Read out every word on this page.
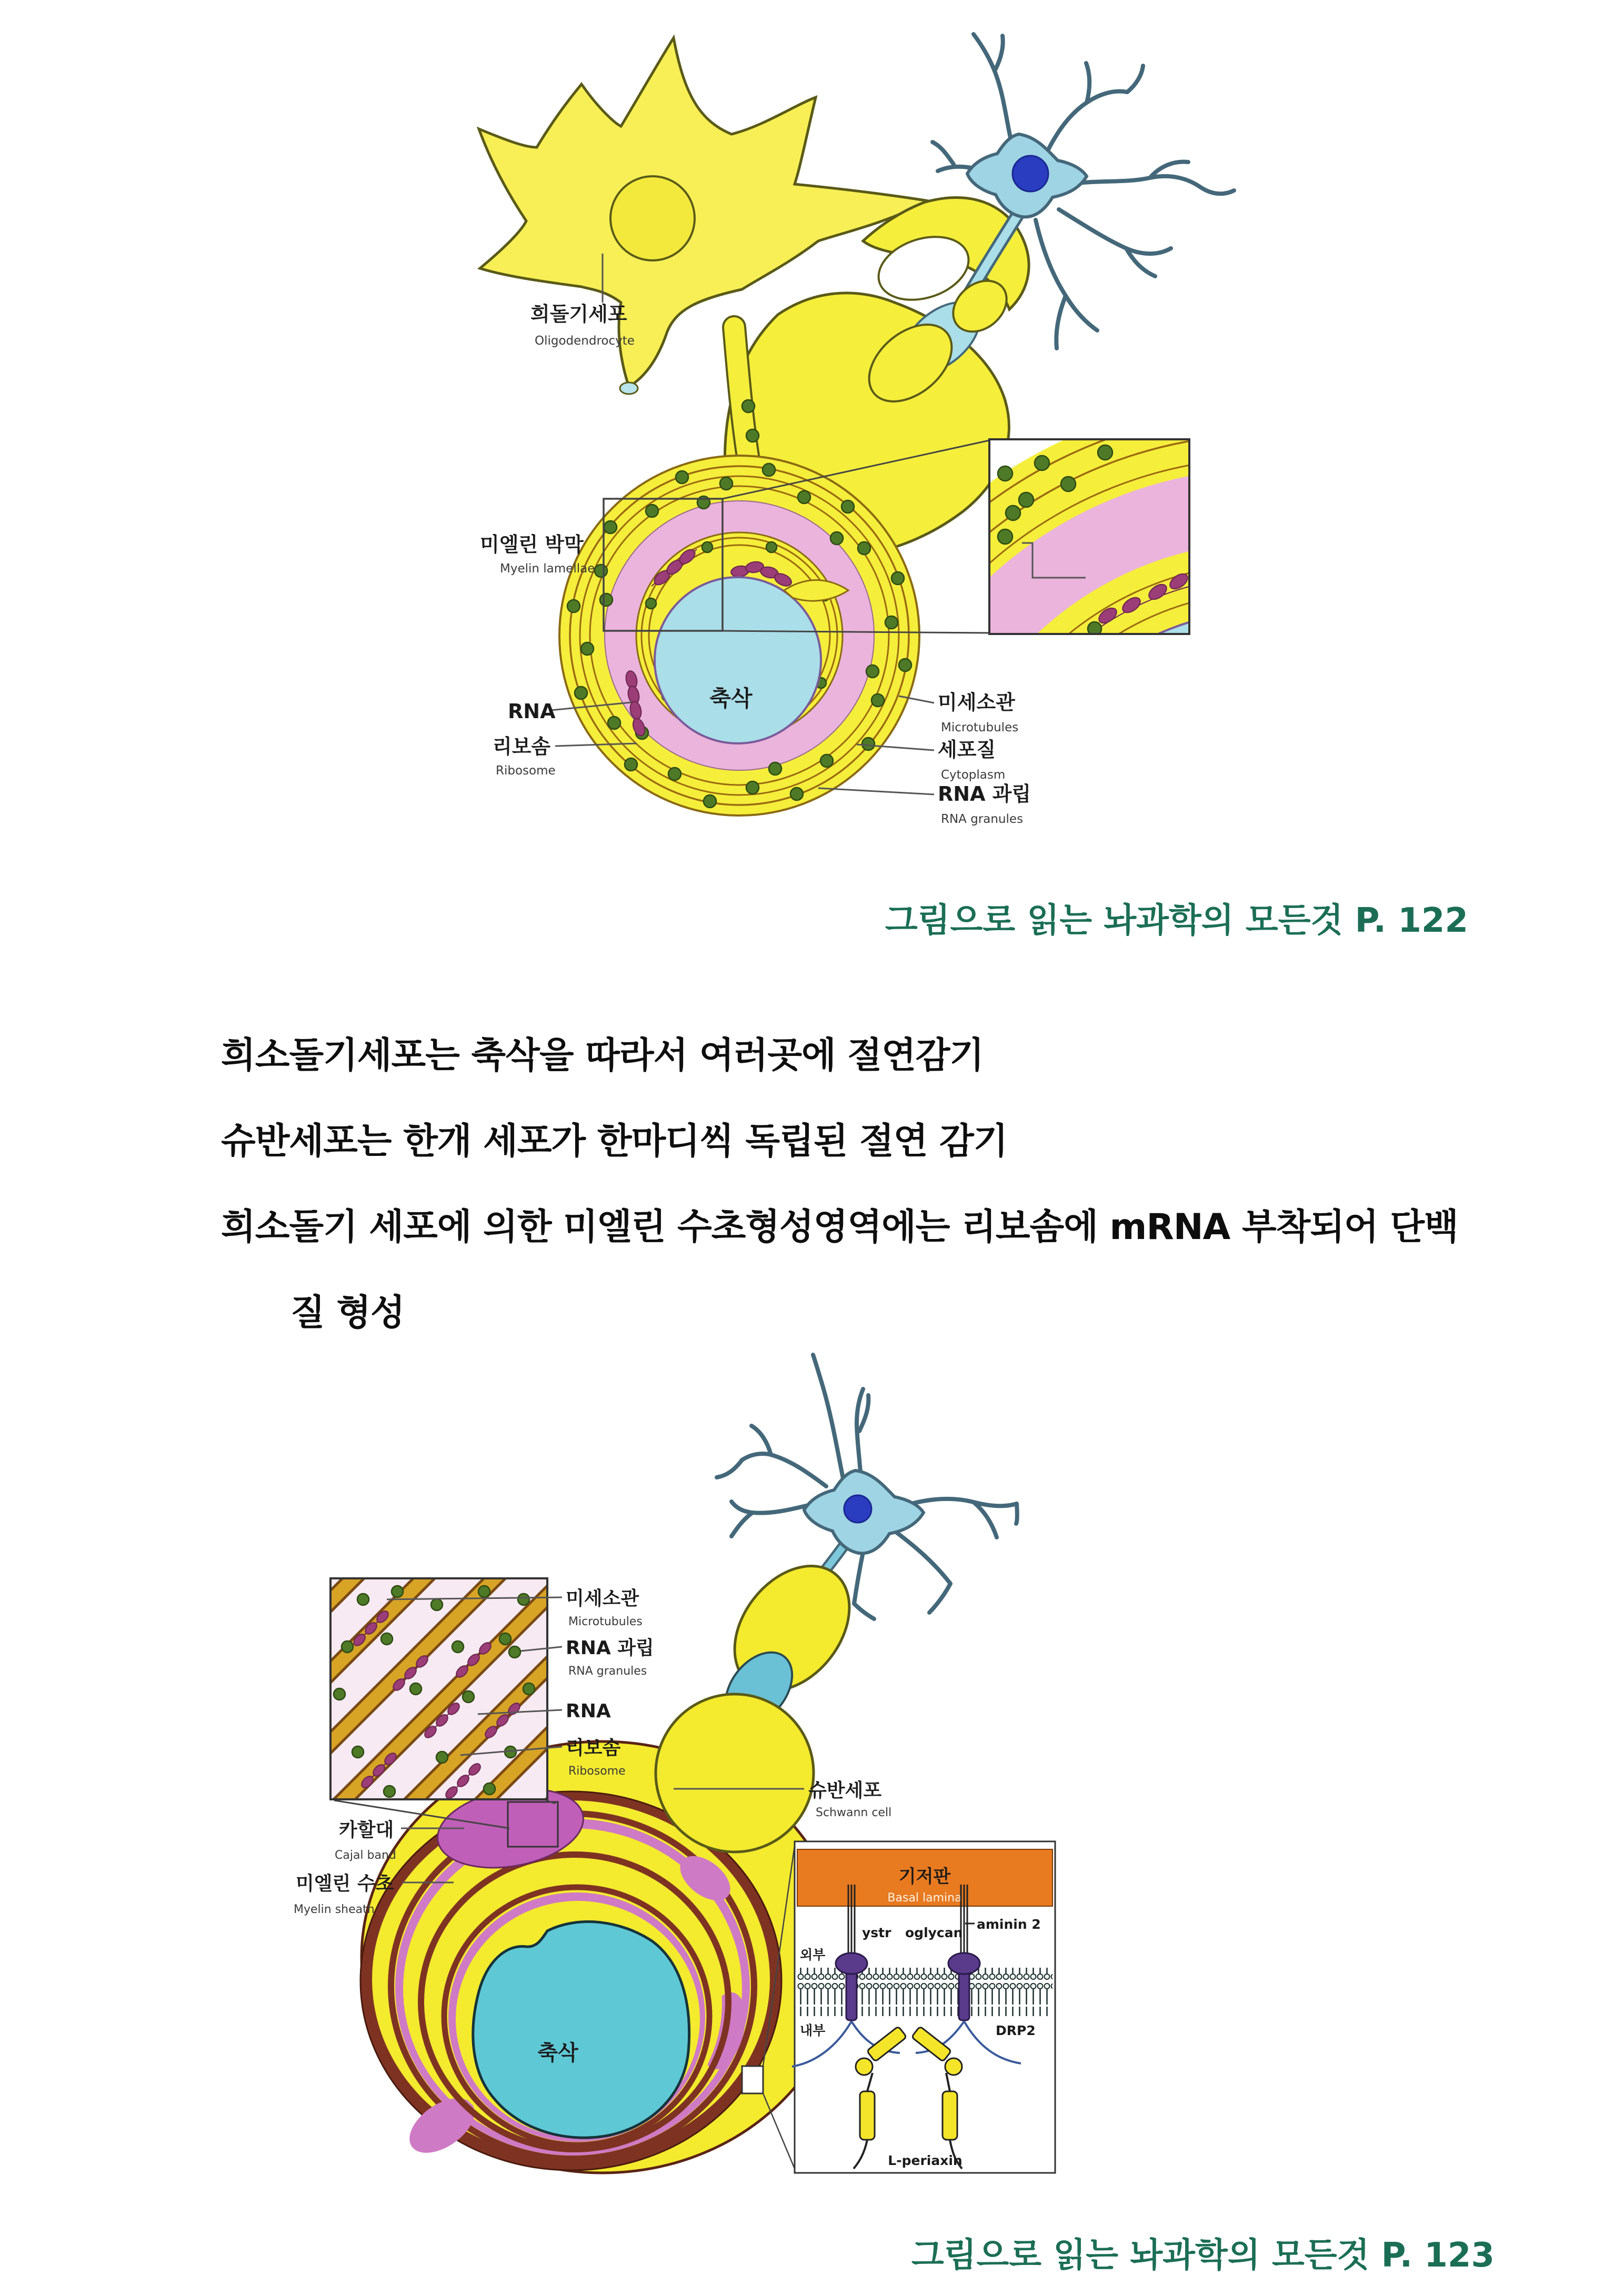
축삭
희돌기세포
Oligodendrocyte
미엘린 박막
Myelin lamellae
RNA
리보솜
Ribosome
미세소관
Microtubules
세포질
Cytoplasm
RNA 과립
RNA granules
그림으로 읽는 놔과학의 모든것 P. 122
희소돌기세포는 축삭을 따라서 여러곳에 절연감기
슈반세포는 한개 세포가 한마디씩 독립된 절연 감기
희소돌기 세포에 의한 미엘린 수초형성영역에는 리보솜에 mRNA 부착되어 단백
질 형성
축삭
미세소관
Microtubules
RNA 과립
RNA granules
RNA
리보솜
Ribosome
카할대
Cajal band
미엘린 수초
Myelin sheath
슈반세포
Schwann cell
기저판
Basal lamina
aminin 2
ystr oglycan
외부
내부	DRP2
L-periaxin
그림으로 읽는 놔과학의 모든것 P. 123
